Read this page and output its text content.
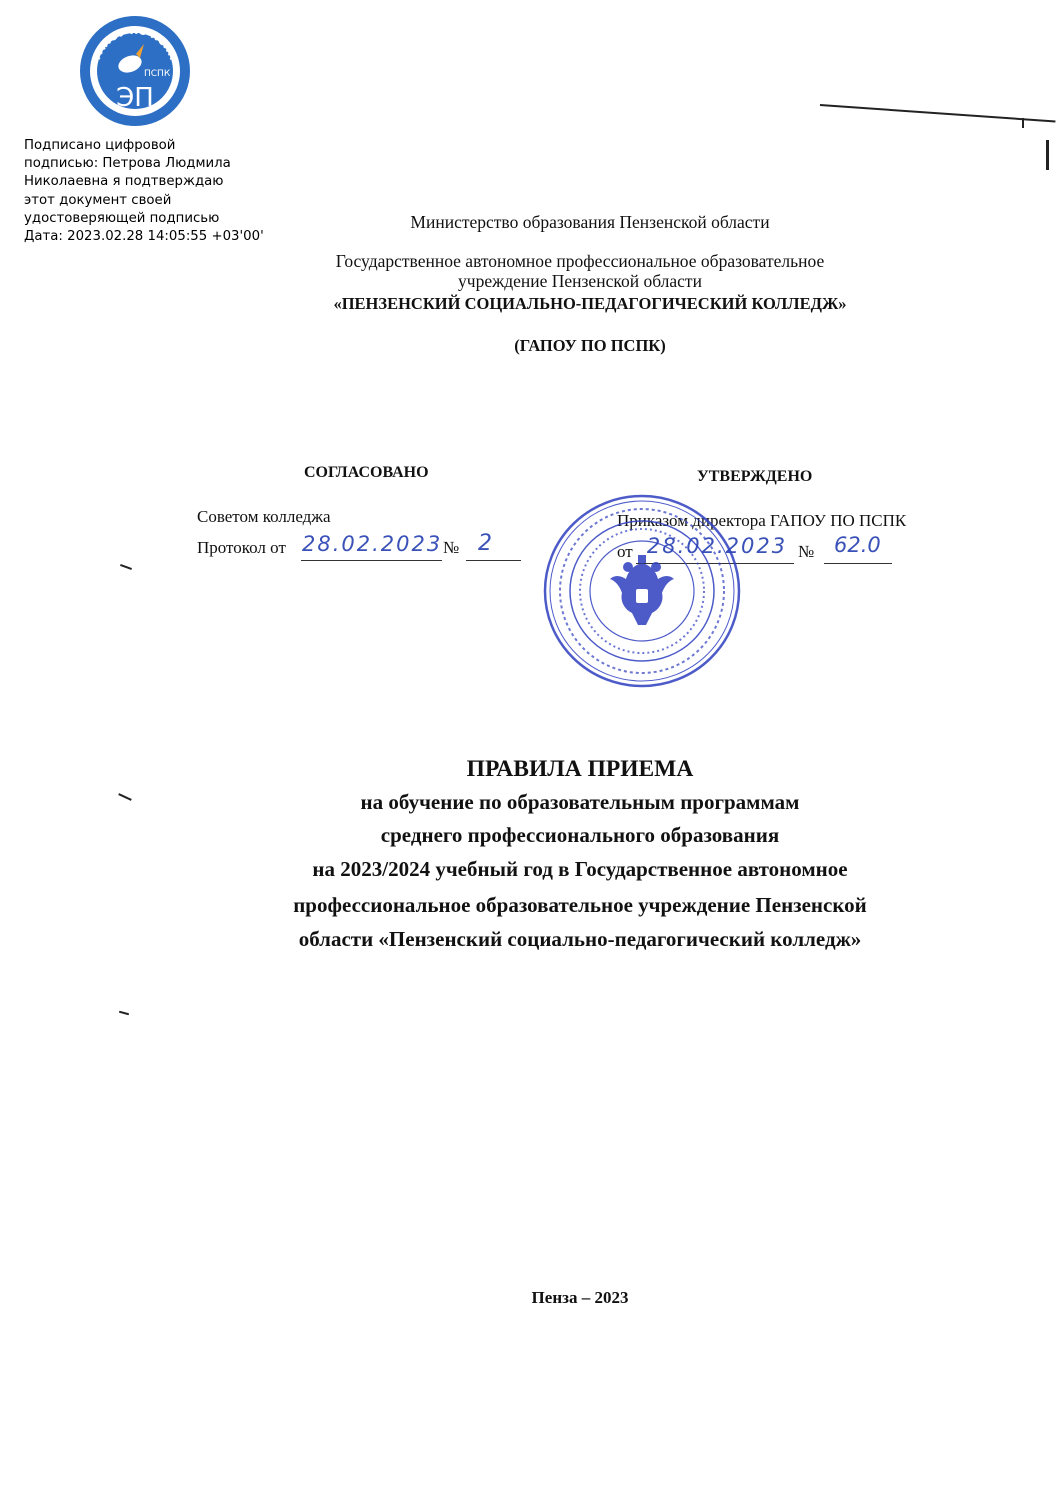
ГАПОУ ПО ПСПК
ПСПК
ЭП
Подписано цифровой
подписью: Петрова Людмила
Николаевна я подтверждаю
этот документ своей
удостоверяющей подписью
Дата: 2023.02.28 14:05:55 +03'00'
Министерство образования Пензенской области
Государственное автономное профессиональное образовательное
учреждение Пензенской области
«ПЕНЗЕНСКИЙ СОЦИАЛЬНО-ПЕДАГОГИЧЕСКИЙ КОЛЛЕДЖ»
(ГАПОУ ПО ПСПК)
СОГЛАСОВАНО
Советом колледжа
Протокол от 28.02.2023 № 2
УТВЕРЖДЕНО
Приказом директора ГАПОУ ПО ПСПК
от 28.02.2023 № 62.0
ПРАВИЛА ПРИЕМА
на обучение по образовательным программам
среднего профессионального образования
на 2023/2024 учебный год в Государственное автономное
профессиональное образовательное учреждение Пензенской
области «Пензенский социально-педагогический колледж»
Пенза – 2023
